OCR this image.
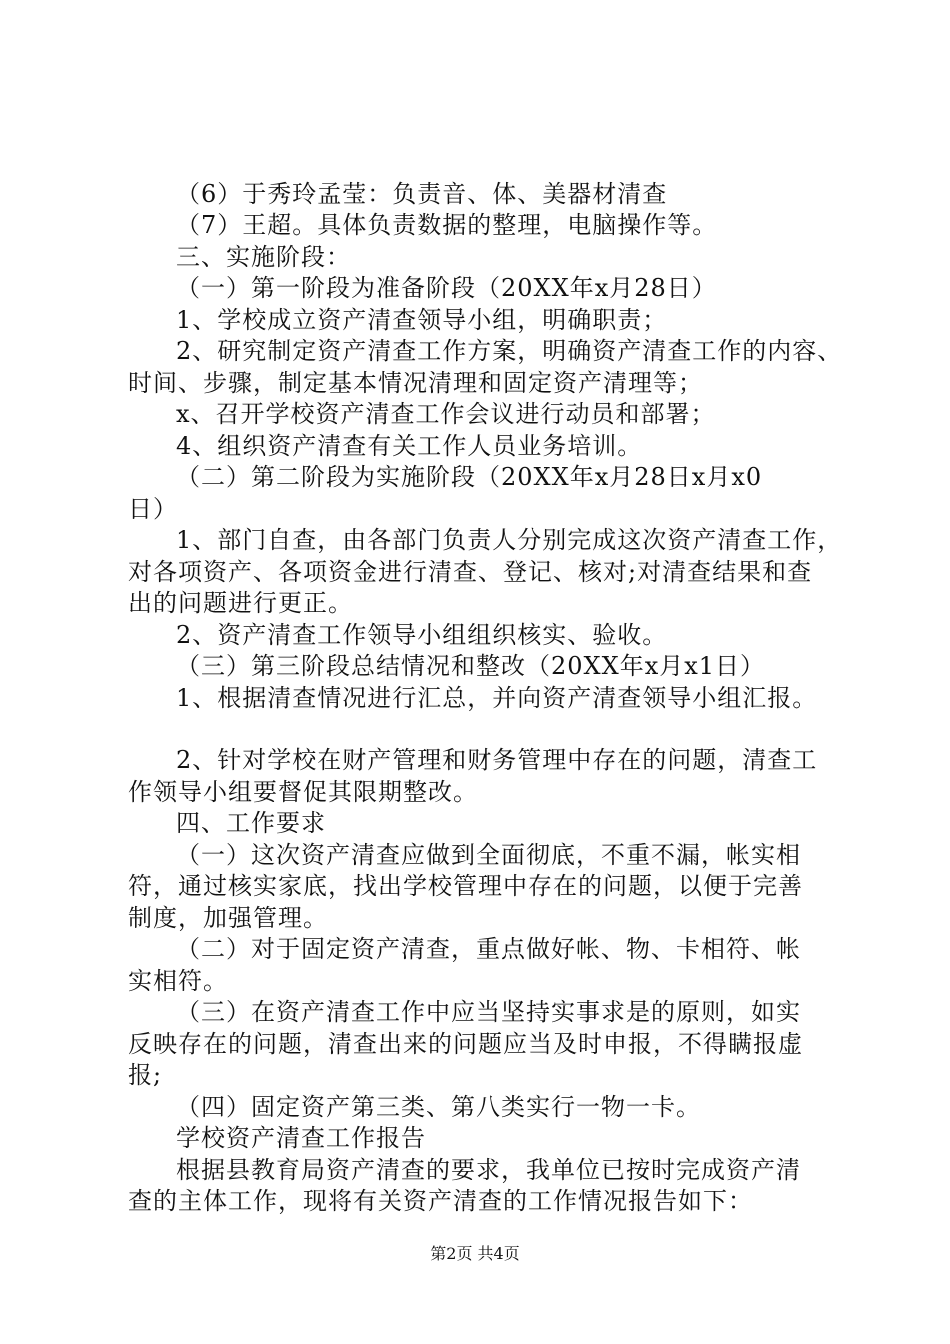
（6）于秀玲孟莹：负责音、体、美器材清查
（7）王超。具体负责数据的整理，电脑操作等。
三、实施阶段：
（一）第一阶段为准备阶段（20XX年x月28日）
1、学校成立资产清查领导小组，明确职责；
2、研究制定资产清查工作方案，明确资产清查工作的内容、
时间、步骤，制定基本情况清理和固定资产清理等；
x、召开学校资产清查工作会议进行动员和部署；
4、组织资产清查有关工作人员业务培训。
（二）第二阶段为实施阶段（20XX年x月28日x月x0
日）
1、部门自查，由各部门负责人分别完成这次资产清查工作，
对各项资产、各项资金进行清查、登记、核对;对清查结果和查
出的问题进行更正。
2、资产清查工作领导小组组织核实、验收。
（三）第三阶段总结情况和整改（20XX年x月x1日）
1、根据清查情况进行汇总，并向资产清查领导小组汇报。
2、针对学校在财产管理和财务管理中存在的问题，清查工
作领导小组要督促其限期整改。
四、工作要求
（一）这次资产清查应做到全面彻底，不重不漏，帐实相
符，通过核实家底，找出学校管理中存在的问题，以便于完善
制度，加强管理。
（二）对于固定资产清查，重点做好帐、物、卡相符、帐
实相符。
（三）在资产清查工作中应当坚持实事求是的原则，如实
反映存在的问题，清查出来的问题应当及时申报，不得瞒报虚
报;
（四）固定资产第三类、第八类实行一物一卡。
学校资产清查工作报告
根据县教育局资产清查的要求，我单位已按时完成资产清
查的主体工作，现将有关资产清查的工作情况报告如下：
第2页 共4页
